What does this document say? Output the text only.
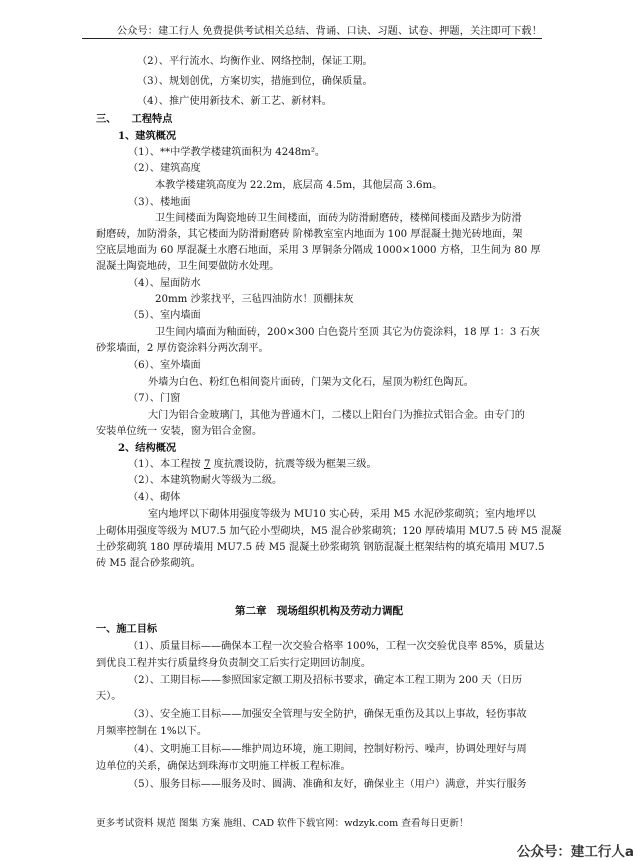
公众号：建工行人 免费提供考试相关总结、背诵、口诀、习题、试卷、押题，关注即可下载！
（2）、平行流水、均衡作业、网络控制，保证工期。
（3）、规划创优，方案切实，措施到位，确保质量。
（4）、推广使用新技术、新工艺、新材料。
三、　　工程特点
1、建筑概况
（1）、**中学教学楼建筑面积为 4248m²。
（2）、建筑高度
本教学楼建筑高度为 22.2m，底层高 4.5m，其他层高 3.6m。
（3）、楼地面
卫生间楼面为陶瓷地砖卫生间楼面，面砖为防滑耐磨砖，楼梯间楼面及踏步为防滑
耐磨砖，加防滑条，其它楼面为防滑耐磨砖 阶梯教室室内地面为 100 厚混凝土抛光砖地面，架
空底层地面为 60 厚混凝土水磨石地面，采用 3 厚铜条分隔成 1000×1000 方格，卫生间为 80 厚
混凝土陶瓷地砖，卫生间要做防水处理。
（4）、屋面防水
20mm 沙浆找平，三毡四油防水！顶棚抹灰
（5）、室内墙面
卫生间内墙面为釉面砖，200×300 白色瓷片至顶 其它为仿瓷涂料，18 厚 1：3 石灰
砂浆墙面，2 厚仿瓷涂料分两次刮平。
（6）、室外墙面
外墙为白色、粉红色相间瓷片面砖，门架为文化石，屋顶为粉红色陶瓦。
（7）、门窗
大门为铝合金玻璃门，其他为普通木门，二楼以上阳台门为推拉式铝合金。由专门的
安装单位统一 安装，窗为铝合金窗。
2、结构概况
（1）、本工程按 7 度抗震设防，抗震等级为框架三级。
（2）、本建筑物耐火等级为二级。
（4）、砌体
室内地坪以下砌体用强度等级为 MU10 实心砖，采用 M5 水泥砂浆砌筑；室内地坪以
上砌体用强度等级为 MU7.5 加气砼小型砌块，M5 混合砂浆砌筑；120 厚砖墙用 MU7.5 砖 M5 混凝
土砂浆砌筑 180 厚砖墙用 MU7.5 砖 M5 混凝土砂浆砌筑 钢筋混凝土框架结构的填充墙用 MU7.5
砖 M5 混合砂浆砌筑。
第二章　现场组织机构及劳动力调配
一、施工目标
（1）、质量目标——确保本工程一次交验合格率 100%，工程一次交验优良率 85%，质量达
到优良工程并实行质量终身负责制交工后实行定期回访制度。
（2）、工期目标——参照国家定额工期及招标书要求，确定本工程工期为 200 天（日历
天）。
（3）、安全施工目标——加强安全管理与安全防护，确保无重伤及其以上事故，轻伤事故
月频率控制在 1%以下。
（4）、文明施工目标——维护周边环境，施工期间，控制好粉污、噪声，协调处理好与周
边单位的关系，确保达到珠海市文明施工样板工程标准。
（5）、服务目标——服务及时、圆满、准确和友好，确保业主（用户）满意，并实行服务
更多考试资料 规范 图集 方案 施组、CAD 软件下载官网：wdzyk.com 查看每日更新！
公众号：建工行人a
